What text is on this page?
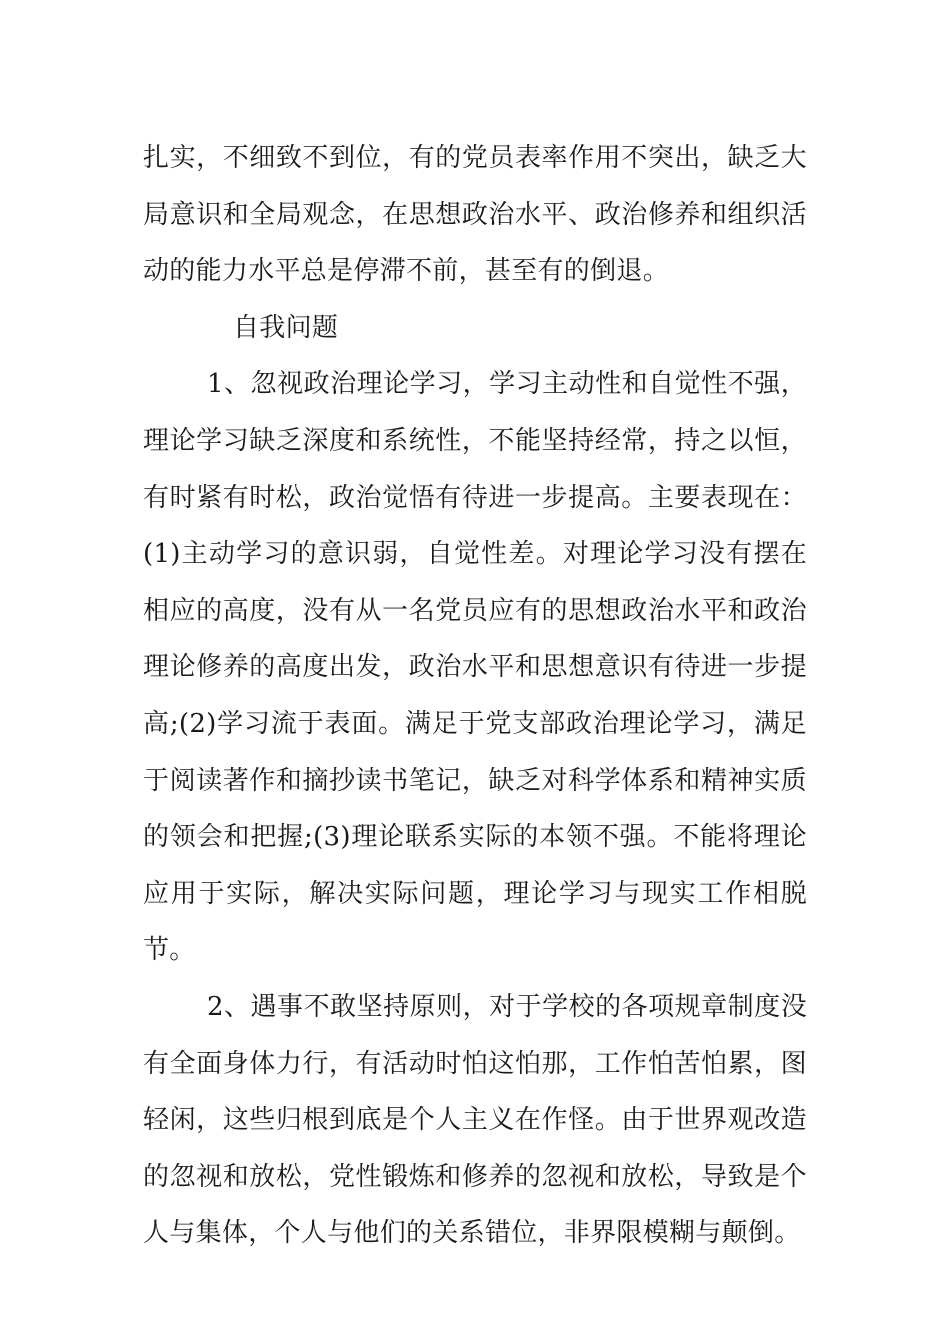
扎实，不细致不到位，有的党员表率作用不突出，缺乏大局意识和全局观念，在思想政治水平、政治修养和组织活动的能力水平总是停滞不前，甚至有的倒退。

自我问题

1、忽视政治理论学习，学习主动性和自觉性不强，理论学习缺乏深度和系统性，不能坚持经常，持之以恒，有时紧有时松，政治觉悟有待进一步提高。主要表现在：(1)主动学习的意识弱，自觉性差。对理论学习没有摆在相应的高度，没有从一名党员应有的思想政治水平和政治理论修养的高度出发，政治水平和思想意识有待进一步提高;(2)学习流于表面。满足于党支部政治理论学习，满足于阅读著作和摘抄读书笔记，缺乏对科学体系和精神实质的领会和把握;(3)理论联系实际的本领不强。不能将理论应用于实际，解决实际问题，理论学习与现实工作相脱节。

2、遇事不敢坚持原则，对于学校的各项规章制度没有全面身体力行，有活动时怕这怕那，工作怕苦怕累，图轻闲，这些归根到底是个人主义在作怪。由于世界观改造的忽视和放松，党性锻炼和修养的忽视和放松，导致是个人与集体，个人与他们的关系错位，非界限模糊与颠倒。
